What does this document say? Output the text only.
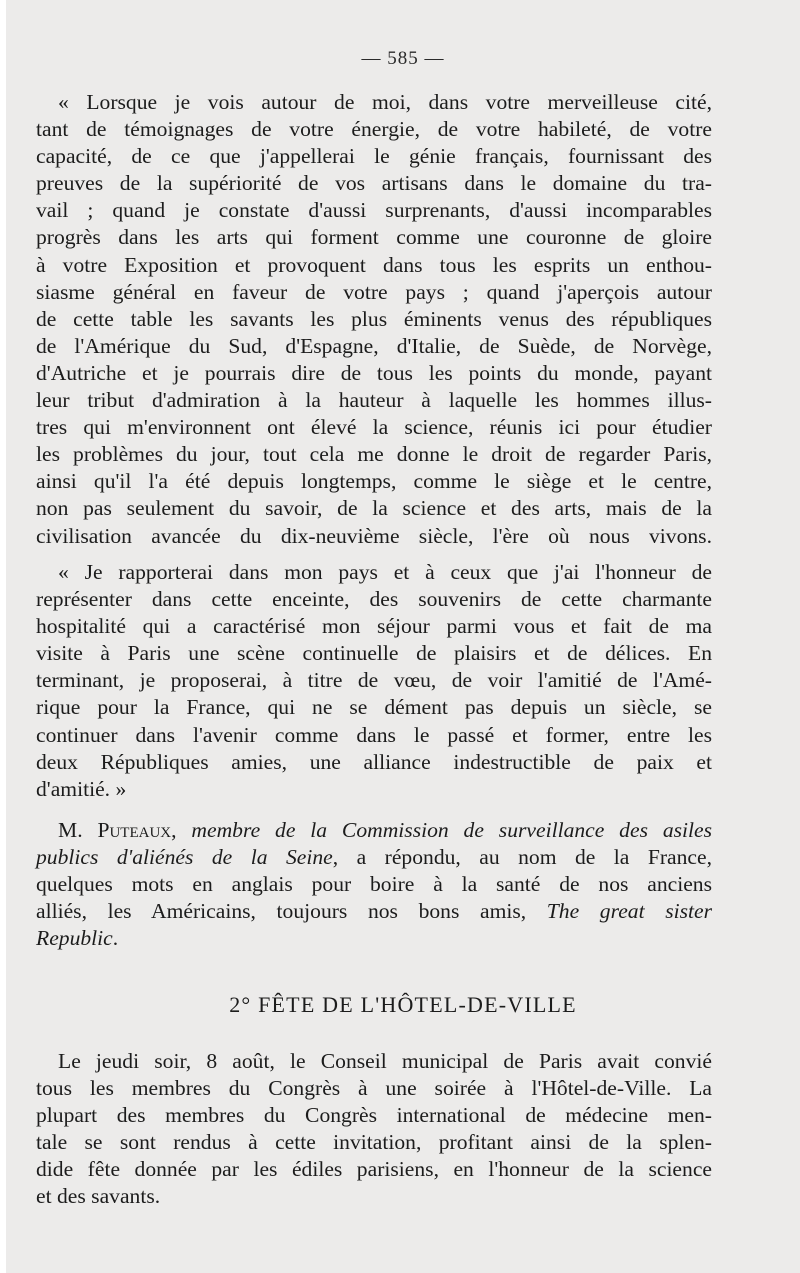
— 585 —
« Lorsque je vois autour de moi, dans votre merveilleuse cité,
tant de témoignages de votre énergie, de votre habileté, de votre
capacité, de ce que j'appellerai le génie français, fournissant des
preuves de la supériorité de vos artisans dans le domaine du tra-
vail ; quand je constate d'aussi surprenants, d'aussi incomparables
progrès dans les arts qui forment comme une couronne de gloire
à votre Exposition et provoquent dans tous les esprits un enthou-
siasme général en faveur de votre pays ; quand j'aperçois autour
de cette table les savants les plus éminents venus des républiques
de l'Amérique du Sud, d'Espagne, d'Italie, de Suède, de Norvège,
d'Autriche et je pourrais dire de tous les points du monde, payant
leur tribut d'admiration à la hauteur à laquelle les hommes illus-
tres qui m'environnent ont élevé la science, réunis ici pour étudier
les problèmes du jour, tout cela me donne le droit de regarder Paris,
ainsi qu'il l'a été depuis longtemps, comme le siège et le centre,
non pas seulement du savoir, de la science et des arts, mais de la
civilisation avancée du dix-neuvième siècle, l'ère où nous vivons.
« Je rapporterai dans mon pays et à ceux que j'ai l'honneur de
représenter dans cette enceinte, des souvenirs de cette charmante
hospitalité qui a caractérisé mon séjour parmi vous et fait de ma
visite à Paris une scène continuelle de plaisirs et de délices. En
terminant, je proposerai, à titre de vœu, de voir l'amitié de l'Amé-
rique pour la France, qui ne se dément pas depuis un siècle, se
continuer dans l'avenir comme dans le passé et former, entre les
deux Républiques amies, une alliance indestructible de paix et
d'amitié. »
M. Puteaux, membre de la Commission de surveillance des asiles
publics d'aliénés de la Seine, a répondu, au nom de la France,
quelques mots en anglais pour boire à la santé de nos anciens
alliés, les Américains, toujours nos bons amis, The great sister
Republic.
2° FÊTE DE L'HÔTEL-DE-VILLE
Le jeudi soir, 8 août, le Conseil municipal de Paris avait convié
tous les membres du Congrès à une soirée à l'Hôtel-de-Ville. La
plupart des membres du Congrès international de médecine men-
tale se sont rendus à cette invitation, profitant ainsi de la splen-
dide fête donnée par les édiles parisiens, en l'honneur de la science
et des savants.
